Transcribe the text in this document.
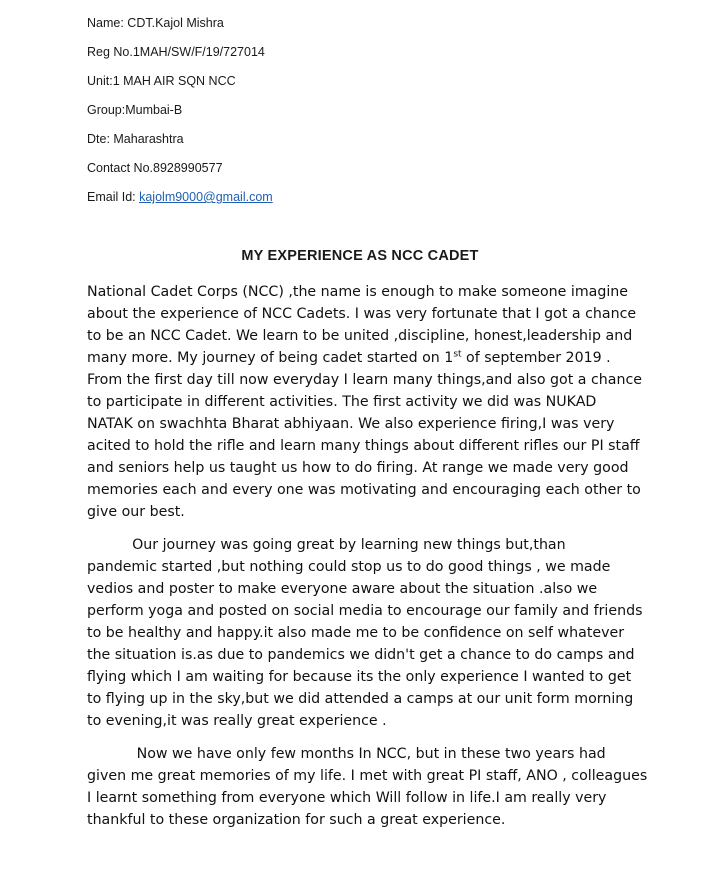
Name: CDT.Kajol Mishra
Reg No.1MAH/SW/F/19/727014
Unit:1 MAH AIR SQN NCC
Group:Mumbai-B
Dte: Maharashtra
Contact No.8928990577
Email Id: kajolm9000@gmail.com
MY EXPERIENCE AS NCC CADET
National Cadet Corps (NCC) ,the name is enough to make someone imagine
about the experience of NCC Cadets. I was very fortunate that I got a chance
to be an NCC Cadet. We learn to be united ,discipline, honest,leadership and
many more. My journey of being cadet started on 1st of september 2019 .
From the first day till now everyday I learn many things,and also got a chance
to participate in different activities. The first activity we did was NUKAD
NATAK on swachhta Bharat abhiyaan. We also experience firing,I was very
acited to hold the rifle and learn many things about different rifles our PI staff
and seniors help us taught us how to do firing. At range we made very good
memories each and every one was motivating and encouraging each other to
give our best.
Our journey was going great by learning new things but,than
pandemic started ,but nothing could stop us to do good things , we made
vedios and poster to make everyone aware about the situation .also we
perform yoga and posted on social media to encourage our family and friends
to be healthy and happy.it also made me to be confidence on self whatever
the situation is.as due to pandemics we didn't get a chance to do camps and
flying which I am waiting for because its the only experience I wanted to get
to flying up in the sky,but we did attended a camps at our unit form morning
to evening,it was really great experience .
Now we have only few months In NCC, but in these two years had
given me great memories of my life. I met with great PI staff, ANO , colleagues
I learnt something from everyone which Will follow in life.I am really very
thankful to these organization for such a great experience.
